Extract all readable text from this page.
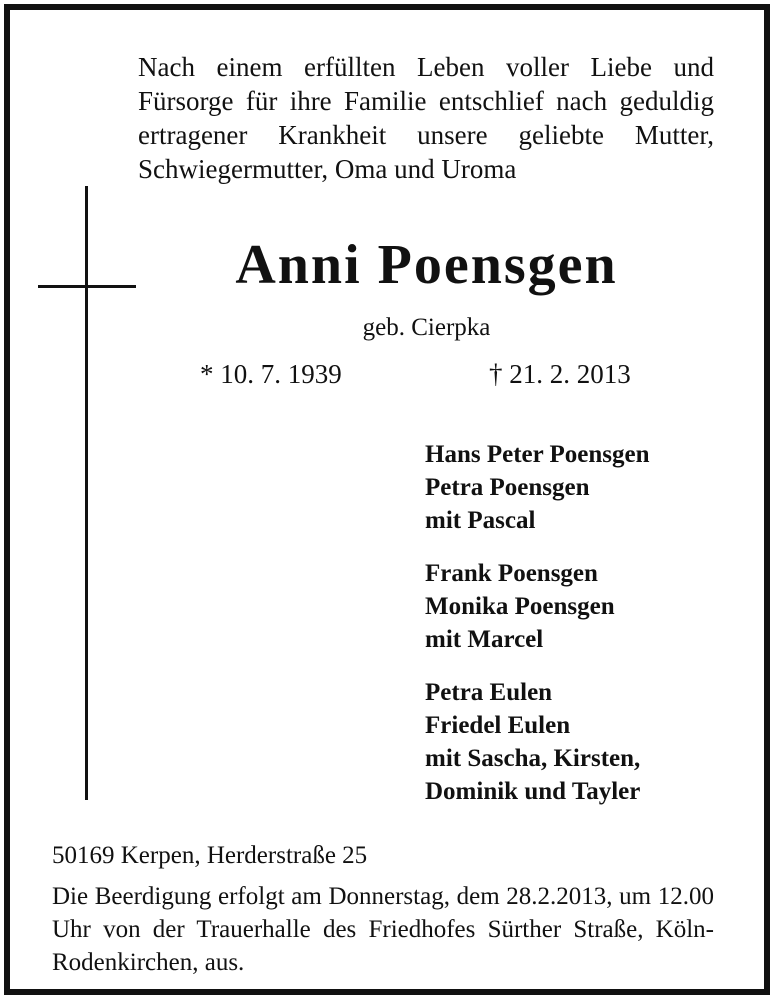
Nach einem erfüllten Leben voller Liebe und Fürsorge für ihre Familie entschlief nach geduldig ertragener Krankheit unsere geliebte Mutter, Schwiegermutter, Oma und Uroma

Anni Poensgen
geb. Cierpka
* 10. 7. 1939	† 21. 2. 2013
Hans Peter Poensgen
Petra Poensgen
mit Pascal
Frank Poensgen
Monika Poensgen
mit Marcel
Petra Eulen
Friedel Eulen
mit Sascha, Kirsten,
Dominik und Tayler
50169 Kerpen, Herderstraße 25

Die Beerdigung erfolgt am Donnerstag, dem 28.2.2013, um 12.00 Uhr von der Trauerhalle des Friedhofes Sürther Straße, Köln-Rodenkirchen, aus.
